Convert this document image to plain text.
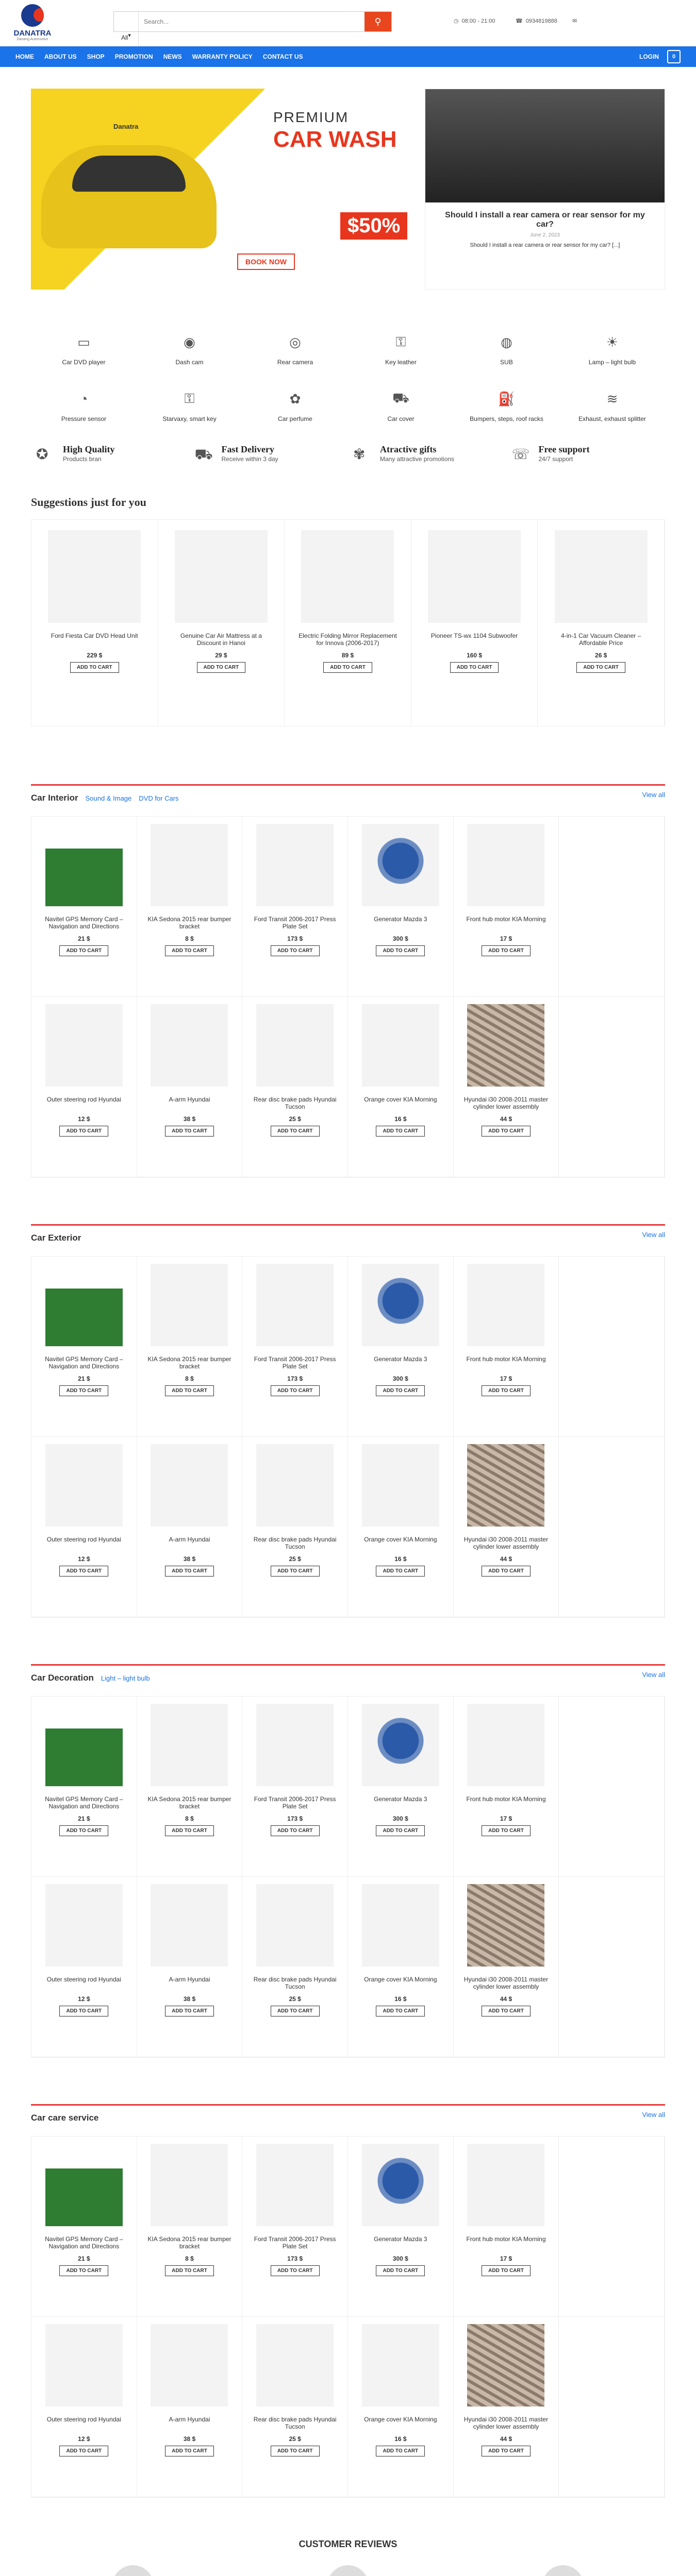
DANATRA
Danang Automotive	All ▾
Search...
⚲	◷ 08:00 - 21:00	☎ 0934819888	✉
HOME ABOUT US SHOP PROMOTION NEWS WARRANTY POLICY CONTACT US	LOGIN 0
Danatra
PREMIUM
CAR WASH
$50%
BOOK NOW
Should I install a rear camera or rear sensor for my car?
June 2, 2023

Should I install a rear camera or rear sensor for my car? [...]

▭
Car DVD player
◉
Dash cam
◎
Rear camera
⚿
Key leather
◍
SUB
☀
Lamp – light bulb
◔
Pressure sensor
⚿
Starvaxy, smart key
✿
Car perfume
⛟
Car cover
⛽
Bumpers, steps, roof racks
≋
Exhaust, exhaust splitter
✪	High Quality
Products bran	⛟ Fast Delivery
Receive within 3 day	✾	Atractive gifts
Many attractive promotions	☏ Free support
24/7 support
Suggestions just for you
Ford Fiesta Car DVD Head Unit
229 $
ADD TO CART
Genuine Car Air Mattress at a Discount in Hanoi
29 $
ADD TO CART
Electric Folding Mirror Replacement for Innova (2006-2017)
89 $
ADD TO CART
Pioneer TS-wx 1104 Subwoofer
160 $
ADD TO CART
4-in-1 Car Vacuum Cleaner – Affordable Price
26 $
ADD TO CART
Car Interior Sound & Image DVD for Cars	View all
Navitel GPS Memory Card – Navigation and Directions
21 $
ADD TO CART
KIA Sedona 2015 rear bumper bracket
8 $
ADD TO CART
Ford Transit 2006-2017 Press Plate Set
173 $
ADD TO CART
Generator Mazda 3
300 $
ADD TO CART
Front hub motor KIA Morning
17 $
ADD TO CART
Outer steering rod Hyundai
12 $
ADD TO CART
A-arm Hyundai
38 $
ADD TO CART
Rear disc brake pads Hyundai Tucson
25 $
ADD TO CART
Orange cover KIA Morning
16 $
ADD TO CART
Hyundai i30 2008-2011 master cylinder lower assembly
44 $
ADD TO CART
Car Exterior	View all
Navitel GPS Memory Card – Navigation and Directions
21 $
ADD TO CART
KIA Sedona 2015 rear bumper bracket
8 $
ADD TO CART
Ford Transit 2006-2017 Press Plate Set
173 $
ADD TO CART
Generator Mazda 3
300 $
ADD TO CART
Front hub motor KIA Morning
17 $
ADD TO CART
Outer steering rod Hyundai
12 $
ADD TO CART
A-arm Hyundai
38 $
ADD TO CART
Rear disc brake pads Hyundai Tucson
25 $
ADD TO CART
Orange cover KIA Morning
16 $
ADD TO CART
Hyundai i30 2008-2011 master cylinder lower assembly
44 $
ADD TO CART
Car Decoration Light – light bulb	View all
Navitel GPS Memory Card – Navigation and Directions
21 $
ADD TO CART
KIA Sedona 2015 rear bumper bracket
8 $
ADD TO CART
Ford Transit 2006-2017 Press Plate Set
173 $
ADD TO CART
Generator Mazda 3
300 $
ADD TO CART
Front hub motor KIA Morning
17 $
ADD TO CART
Outer steering rod Hyundai
12 $
ADD TO CART
A-arm Hyundai
38 $
ADD TO CART
Rear disc brake pads Hyundai Tucson
25 $
ADD TO CART
Orange cover KIA Morning
16 $
ADD TO CART
Hyundai i30 2008-2011 master cylinder lower assembly
44 $
ADD TO CART
Car care service	View all
Navitel GPS Memory Card – Navigation and Directions
21 $
ADD TO CART
KIA Sedona 2015 rear bumper bracket
8 $
ADD TO CART
Ford Transit 2006-2017 Press Plate Set
173 $
ADD TO CART
Generator Mazda 3
300 $
ADD TO CART
Front hub motor KIA Morning
17 $
ADD TO CART
Outer steering rod Hyundai
12 $
ADD TO CART
A-arm Hyundai
38 $
ADD TO CART
Rear disc brake pads Hyundai Tucson
25 $
ADD TO CART
Orange cover KIA Morning
16 $
ADD TO CART
Hyundai i30 2008-2011 master cylinder lower assembly
44 $
ADD TO CART
CUSTOMER REVIEWS
